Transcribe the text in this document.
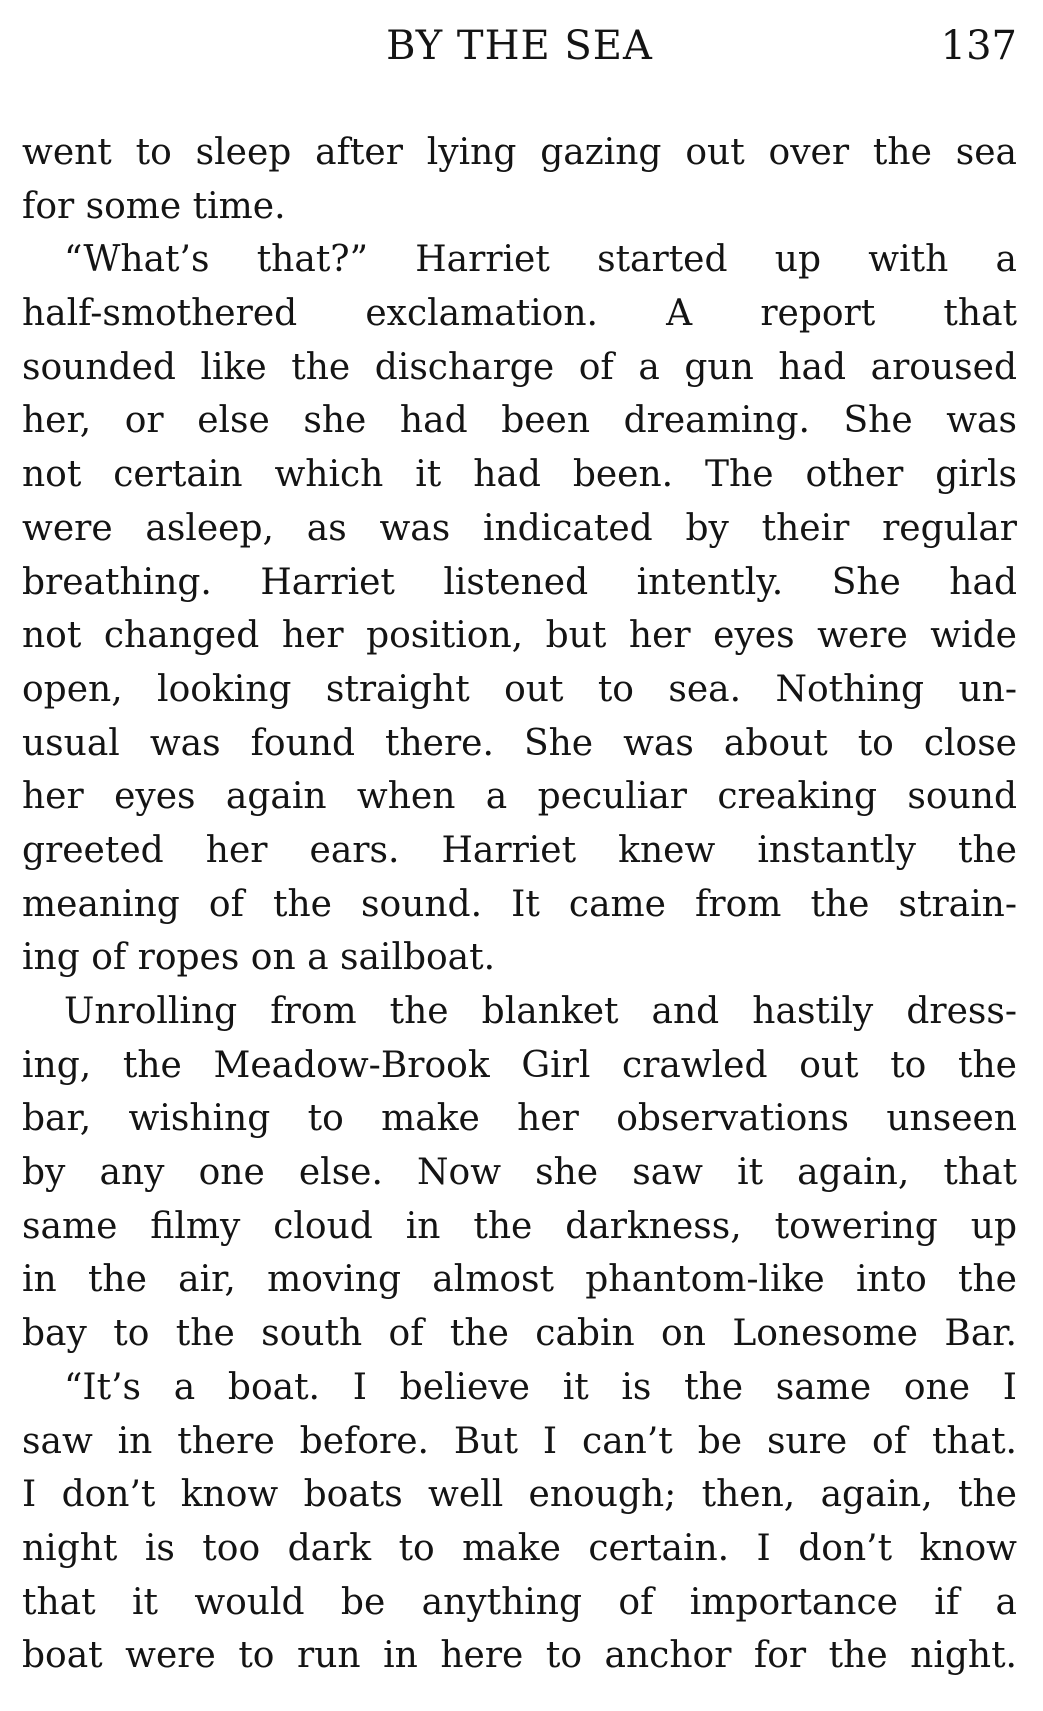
BY THE SEA	137
went to sleep after lying gazing out over the sea
for some time.
“What’s that?” Harriet started up with a
half-smothered exclamation. A report that
sounded like the discharge of a gun had aroused
her, or else she had been dreaming. She was
not certain which it had been. The other girls
were asleep, as was indicated by their regular
breathing. Harriet listened intently. She had
not changed her position, but her eyes were wide
open, looking straight out to sea. Nothing un-
usual was found there. She was about to close
her eyes again when a peculiar creaking sound
greeted her ears. Harriet knew instantly the
meaning of the sound. It came from the strain-
ing of ropes on a sailboat.
Unrolling from the blanket and hastily dress-
ing, the Meadow-Brook Girl crawled out to the
bar, wishing to make her observations unseen
by any one else. Now she saw it again, that
same filmy cloud in the darkness, towering up
in the air, moving almost phantom-like into the
bay to the south of the cabin on Lonesome Bar.
“It’s a boat. I believe it is the same one I
saw in there before. But I can’t be sure of that.
I don’t know boats well enough; then, again, the
night is too dark to make certain. I don’t know
that it would be anything of importance if a
boat were to run in here to anchor for the night.
